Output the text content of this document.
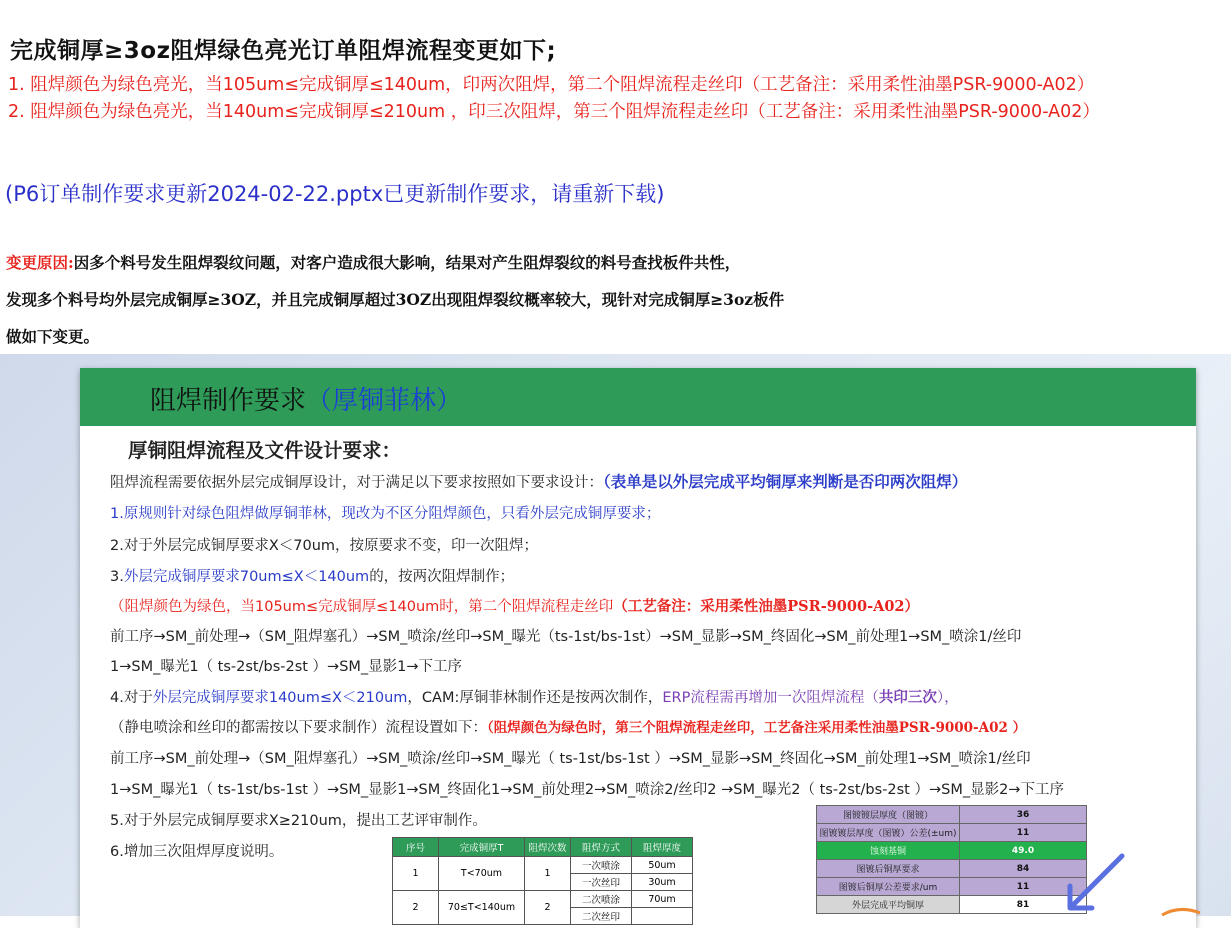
完成铜厚≥3oz阻焊绿色亮光订单阻焊流程变更如下;
1. 阻焊颜色为绿色亮光，当105um≤完成铜厚≤140um，印两次阻焊，第二个阻焊流程走丝印（工艺备注：采用柔性油墨PSR-9000-A02）
2. 阻焊颜色为绿色亮光，当140um≤完成铜厚≤210um ，印三次阻焊，第三个阻焊流程走丝印（工艺备注：采用柔性油墨PSR-9000-A02）
(P6订单制作要求更新2024-02-22.pptx已更新制作要求，请重新下载)
变更原因:因多个料号发生阻焊裂纹问题，对客户造成很大影响，结果对产生阻焊裂纹的料号查找板件共性，
发现多个料号均外层完成铜厚≥3OZ，并且完成铜厚超过3OZ出现阻焊裂纹概率较大，现针对完成铜厚≥3oz板件
做如下变更。
阻焊制作要求（厚铜菲林）
厚铜阻焊流程及文件设计要求：
阻焊流程需要依据外层完成铜厚设计，对于满足以下要求按照如下要求设计：（表单是以外层完成平均铜厚来判断是否印两次阻焊）
1.原规则针对绿色阻焊做厚铜菲林，现改为不区分阻焊颜色，只看外层完成铜厚要求；
2.对于外层完成铜厚要求X＜70um，按原要求不变，印一次阻焊；
3.外层完成铜厚要求70um≤X＜140um的，按两次阻焊制作；
（阻焊颜色为绿色，当105um≤完成铜厚≤140um时，第二个阻焊流程走丝印（工艺备注：采用柔性油墨PSR-9000-A02）
前工序→SM_前处理→（SM_阻焊塞孔）→SM_喷涂/丝印→SM_曝光（ts-1st/bs-1st）→SM_显影→SM_终固化→SM_前处理1→SM_喷涂1/丝印
1→SM_曝光1（ ts-2st/bs-2st ）→SM_显影1→下工序
4.对于外层完成铜厚要求140um≤X＜210um，CAM:厚铜菲林制作还是按两次制作，ERP流程需再增加一次阻焊流程（共印三次），
（静电喷涂和丝印的都需按以下要求制作）流程设置如下：（阻焊颜色为绿色时，第三个阻焊流程走丝印，工艺备注采用柔性油墨PSR-9000-A02 ）
前工序→SM_前处理→（SM_阻焊塞孔）→SM_喷涂/丝印→SM_曝光（ ts-1st/bs-1st ）→SM_显影→SM_终固化→SM_前处理1→SM_喷涂1/丝印
1→SM_曝光1（ ts-1st/bs-1st ）→SM_显影1→SM_终固化1→SM_前处理2→SM_喷涂2/丝印2 →SM_曝光2（ ts-2st/bs-2st ）→SM_显影2→下工序
5.对于外层完成铜厚要求X≥210um，提出工艺评审制作。
6.增加三次阻焊厚度说明。	序号	完成铜厚T	阻焊次数	阻焊方式	阻焊厚度
1	T<70um	1	一次喷涂	50um
			一次丝印	30um
2	70≤T<140um	2	二次喷涂	70um
			二次丝印	
图镀镀层厚度（图镀）	36
图镀镀层厚度（图镀）公差(±um)	11
蚀刻基铜	49.0
图镀后铜厚要求	84
图镀后铜厚公差要求/um	11
外层完成平均铜厚	81
